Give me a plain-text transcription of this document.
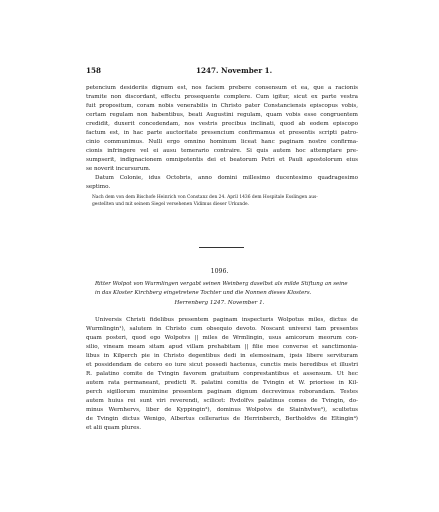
158	1247. November 1.
petencium desideriis dignum est, nos faciem prebere consensum et ea, que a racionis
tramite non discordant, effectu prosequente complere. Cum igitur, sicut ex parte vestra
fuit propositum, coram nobis venerabilis in Christo pater Constanciensis episcopus vobis,
certam regulam non habentibus, beati Augustini regulam, quam vobis esse congruentem
credidit, duxerit concedendam, nos vestris precibus inclinati, quod ab eodem episcopo
factum est, in hac parte auctoritate presencium confirmamus et presentis scripti patro-
cinio communimus. Nulli ergo omnino hominum liceat hanc paginam nostre confirma-
cionis infringere vel ei ausu temerario contraire. Si quis autem hoc attemptare pre-
sumpserit, indignacionem omnipotentis dei et beatorum Petri et Pauli apostolorum eius
se noverit incursurum.
Datum Colonie, idus Octobris, anno domini millesimo ducentesimo quadragesimo
septimo.
Nach dem von dem Bischofe Heinrich von Constanz den 24. April 1436 dem Hospitale Esslingen aus-
gestellten und mit seinem Siegel versehenen Vidimus dieser Urkunde.
1096.
Ritter Wolpot von Wurmlingen vergabt seinen Weinberg daselbst als milde Stiftung an seine
in das Kloster Kirchberg eingetretene Tochter und die Nonnen dieses Klosters.
Herrenberg 1247. November 1.
Universis Christi fidelibus presentem paginam inspecturis Wolpotus miles, dictus de
Wurmlingin¹), salutem in Christo cum obsequio devoto. Noscant universi tam presentes
quam posteri, quod ego Wolpotvs || miles de Wrmlingin, usus amicorum meorum con-
silio, vineam meam sitam apud villam prehabitam || filie mee converse et sanctimonia-
libus in Kilperch pie in Christo degentibus dedi in elemosinam, ipsis libere servituram
et possidendam de cetero eo iure sicut possedi hactenus, cunctis meis heredibus et illustri
R. palatino comite de Tvingin favorem gratuitum conprestantibus et assensum. Ut hec
autem rata permaneant, predicti R. palatini comitis de Tvingin et W. priorisse in Kil-
perch sigillorum munimine presentem paginam dignum decrevimus roborandam. Testes
autem huius rei sunt viri reverendi, scilicet: Rvdolfvs palatinus comes de Tvingin, do-
minus Wernhervs, liber de Kyppingin²), dominus Wolpotvs de Stainhvlwe³), scultetus
de Tvingin dictus Wenigo, Albertus cellerarius de Herrinberch, Bertholdvs de Eltingin⁴)
et alii quam plures.
